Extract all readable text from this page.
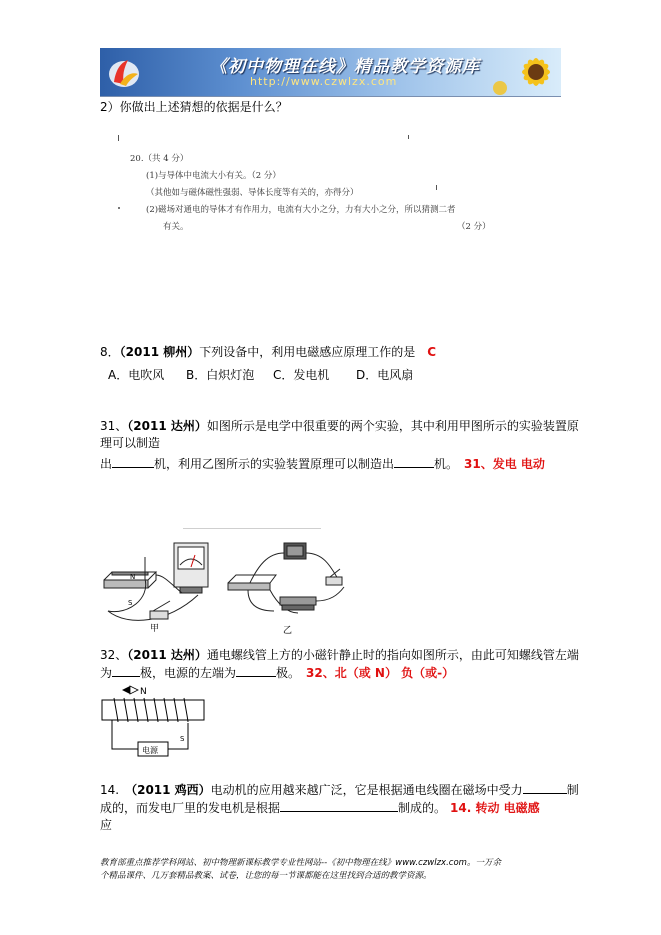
《初中物理在线》精品教学资源库
http://www.czwlzx.com
2）你做出上述猜想的依据是什么？
20.（共 4 分）
(1)与导体中电流大小有关。（2 分）
（其他如与磁体磁性强弱、导体长度等有关的，亦得分）
(2)磁场对通电的导体才有作用力，电流有大小之分，力有大小之分，所以猜测二者
有关。	（2 分）
8．（2011 柳州）下列设备中，利用电磁感应原理工作的是 C
A．电吹风 B．白炽灯泡 C．发电机 D．电风扇
31、（2011 达州）如图所示是电学中很重要的两个实验，其中利用甲图所示的实验装置原
理可以制造
出	机，利用乙图所示的实验装置原理可以制造出	机。 31、发电 电动
N
S
甲	乙
32、（2011 达州）通电螺线管上方的小磁针静止时的指向如图所示，由此可知螺线管左端
为 极，电源的左端为	极。 32、北（或 N） 负（或-）
N
S
电源
14. （2011 鸡西）电动机的应用越来越广泛，它是根据通电线圈在磁场中受力	制
成的，而发电厂里的发电机是根据	制成的。 14. 转动 电磁感
应
教育部重点推荐学科网站、初中物理新课标教学专业性网站--《初中物理在线》www.czwlzx.com。一万余
个精品课件、几万套精品教案、试卷，让您的每一节课都能在这里找到合适的教学资源。
